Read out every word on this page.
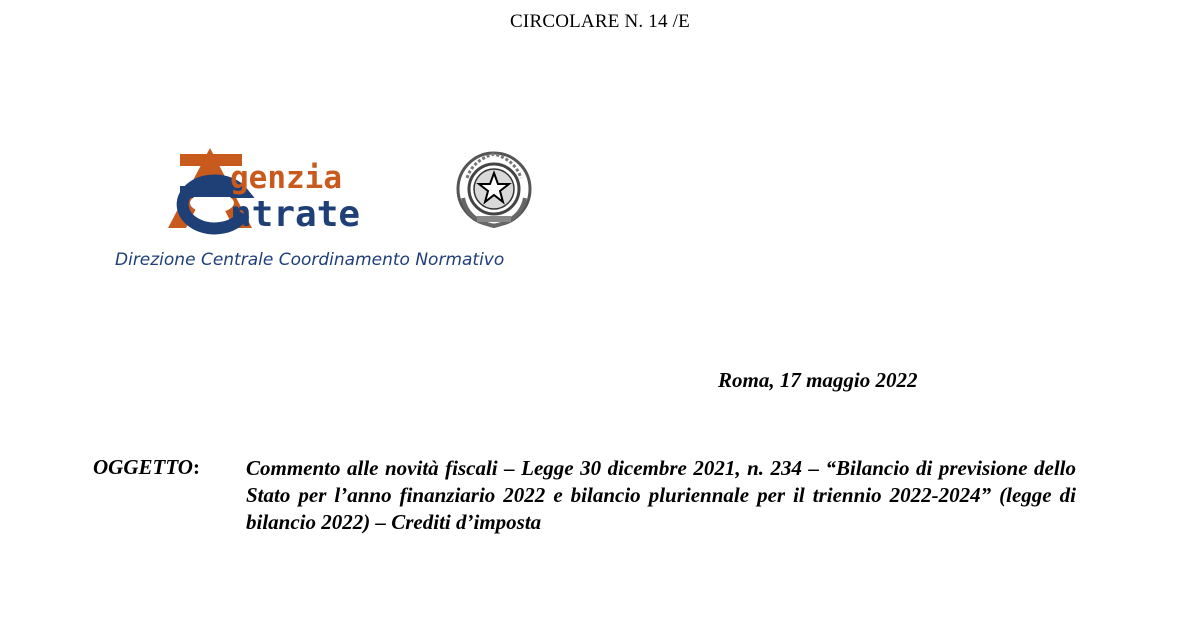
CIRCOLARE N. 14 /E
genzia
ntrate
Direzione Centrale Coordinamento Normativo
Roma, 17 maggio 2022
OGGETTO: Commento alle novità fiscali – Legge 30 dicembre 2021, n. 234 – “Bilancio di previsione dello Stato per l’anno finanziario 2022 e bilancio pluriennale per il triennio 2022-2024” (legge di bilancio 2022) – Crediti d’imposta
